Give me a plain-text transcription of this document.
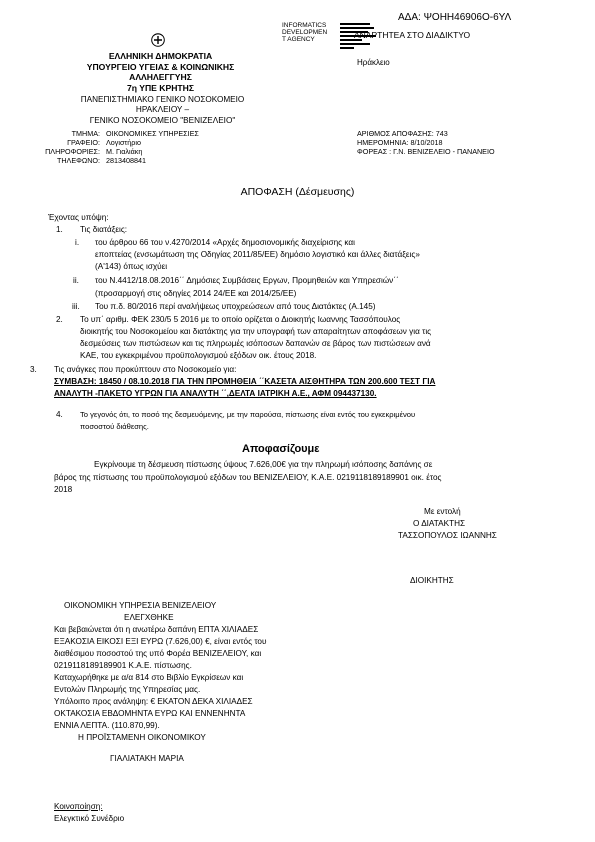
ΑΔΑ: ΨΟΗΗ46906Ο-6ΥΛ
INFORMATICS
DEVELOPMEN
T AGENCY	ΑΝΑΡΤΗΤΕΑ ΣΤΟ ΔΙΑΔΙΚΤΥΟ
Ηράκλειο
ΕΛΛΗΝΙΚΗ ΔΗΜΟΚΡΑΤΙΑ
ΥΠΟΥΡΓΕΙΟ ΥΓΕΙΑΣ & ΚΟΙΝΩΝΙΚΗΣ ΑΛΛΗΛΕΓΓΥΗΣ
7η ΥΠΕ ΚΡΗΤΗΣ
ΠΑΝΕΠΙΣΤΗΜΙΑΚΟ ΓΕΝΙΚΟ ΝΟΣΟΚΟΜΕΙΟ ΗΡΑΚΛΕΙΟΥ –
ΓΕΝΙΚΟ ΝΟΣΟΚΟΜΕΙΟ "ΒΕΝΙΖΕΛΕΙΟ"
ΤΜΗΜΑ: ΟΙΚΟΝΟΜΙΚΕΣ ΥΠΗΡΕΣΙΕΣ
ΓΡΑΦΕΙΟ: Λογιστήριο
ΠΛΗΡΟΦΟΡΙΕΣ: Μ. Γιαλιάκη
ΤΗΛΕΦΩΝΟ: 2813408841
ΑΡΙΘΜΟΣ ΑΠΟΦΑΣΗΣ: 743
ΗΜΕΡΟΜΗΝΙΑ: 8/10/2018
ΦΟΡΕΑΣ : Γ.Ν. ΒΕΝΙΖΕΛΕΙΟ - ΠΑΝΑΝΕΙΟ
ΑΠΟΦΑΣΗ (Δέσμευσης)
Έχοντας υπόψη:
1. Τις διατάξεις:
i. του άρθρου 66 του ν.4270/2014 «Αρχές δημοσιονομικής διαχείρισης και
εποπτείας (ενσωμάτωση της Οδηγίας 2011/85/ΕΕ) δημόσιο λογιστικό και άλλες διατάξεις»
(Α'143) όπως ισχύει
ii. του Ν.4412/18.08.2016΄΄ Δημόσιες Συμβάσεις Εργων, Προμηθειών και Υπηρεσιών΄΄
(προσαρμογή στις οδηγίες 2014 24/ΕΕ και 2014/25/ΕΕ)
iii. Του π.δ. 80/2016 περί αναλήψεως υποχρεώσεων από τους Διατάκτες (Α.145)
2. Το υπ΄ αριθμ. ΦΕΚ 230/5 5 2016 με το οποίο ορίζεται ο Διοικητής Ιωαννης Τασσόπουλος
διοικητής του Νοσοκομείου και διατάκτης για την υπογραφή των απαραίτητων αποφάσεων για τις
δεσμεύσεις των πιστώσεων και τις πληρωμές ισόποσων δαπανών σε βάρος των πιστώσεων ανά
ΚΑΕ, του εγκεκριμένου προϋπολογισμού εξόδων οικ. έτους 2018.
3. Τις ανάγκες που προκύπτουν στο Νοσοκομείο για:
ΣΥΜΒΑΣΗ: 18450 / 08.10.2018 ΓΙΑ ΤΗΝ ΠΡΟΜΗΘΕΙΑ ΄΄ΚΑΣΕΤΑ ΑΙΣΘΗΤΗΡΑ ΤΩΝ 200.600 ΤΕΣΤ ΓΙΑ
ΑΝΑΛΥΤΗ -ΠΑΚΕΤΟ ΥΓΡΩΝ ΓΙΑ ΑΝΑΛΥΤΗ ΄΄,ΔΕΛΤΑ ΙΑΤΡΙΚΗ Α.Ε., ΑΦΜ 094437130.
4. Το γεγονός ότι, το ποσό της δεσμευόμενης, με την παρούσα, πίστωσης είναι εντός του εγκεκριμένου
ποσοστού διάθεσης.
Αποφασίζουμε
Εγκρίνουμε τη δέσμευση πίστωσης ύψους 7.626,00€ για την πληρωμή ισόποσης δαπάνης σε
βάρος της πίστωσης του προϋπολογισμού εξόδων του ΒΕΝΙΖΕΛΕΙΟΥ, Κ.Α.Ε. 0219118189189901 οικ. έτος
2018
Με εντολή
Ο ΔΙΑΤΑΚΤΗΣ
ΤΑΣΣΟΠΟΥΛΟΣ ΙΩΑΝΝΗΣ
ΔΙΟΙΚΗΤΗΣ
ΟΙΚΟΝΟΜΙΚΗ ΥΠΗΡΕΣΙΑ ΒΕΝΙΖΕΛΕΙΟΥ
ΕΛΕΓΧΘΗΚΕ
Και βεβαιώνεται ότι η ανωτέρω δαπάνη ΕΠΤΑ ΧΙΛΙΑΔΕΣ
ΕΞΑΚΟΣΙΑ ΕΙΚΟΣΙ ΕΞΙ ΕΥΡΩ (7.626,00) €, είναι εντός του
διαθέσιμου ποσοστού της υπό Φορέα ΒΕΝΙΖΕΛΕΙΟΥ, και
0219118189189901 Κ.Α.Ε. πίστωσης.
Καταχωρήθηκε με α/α 814 στο Βιβλίο Εγκρίσεων και
Εντολών Πληρωμής της Υπηρεσίας μας.
Υπόλοιπο προς ανάληψη: € ΕΚΑΤΟΝ ΔΕΚΑ ΧΙΛΙΑΔΕΣ
ΟΚΤΑΚΟΣΙΑ ΕΒΔΟΜΗΝΤΑ ΕΥΡΩ ΚΑΙ ΕΝΝΕΝΗΝΤΑ
ΕΝΝΙΑ ΛΕΠΤΑ. (110.870,99).
Η ΠΡΟΪΣΤΑΜΕΝΗ ΟΙΚΟΝΟΜΙΚΟΥ
ΓΙΑΛΙΑΤΑΚΗ ΜΑΡΙΑ
Κοινοποίηση:
Ελεγκτικό Συνέδριο
